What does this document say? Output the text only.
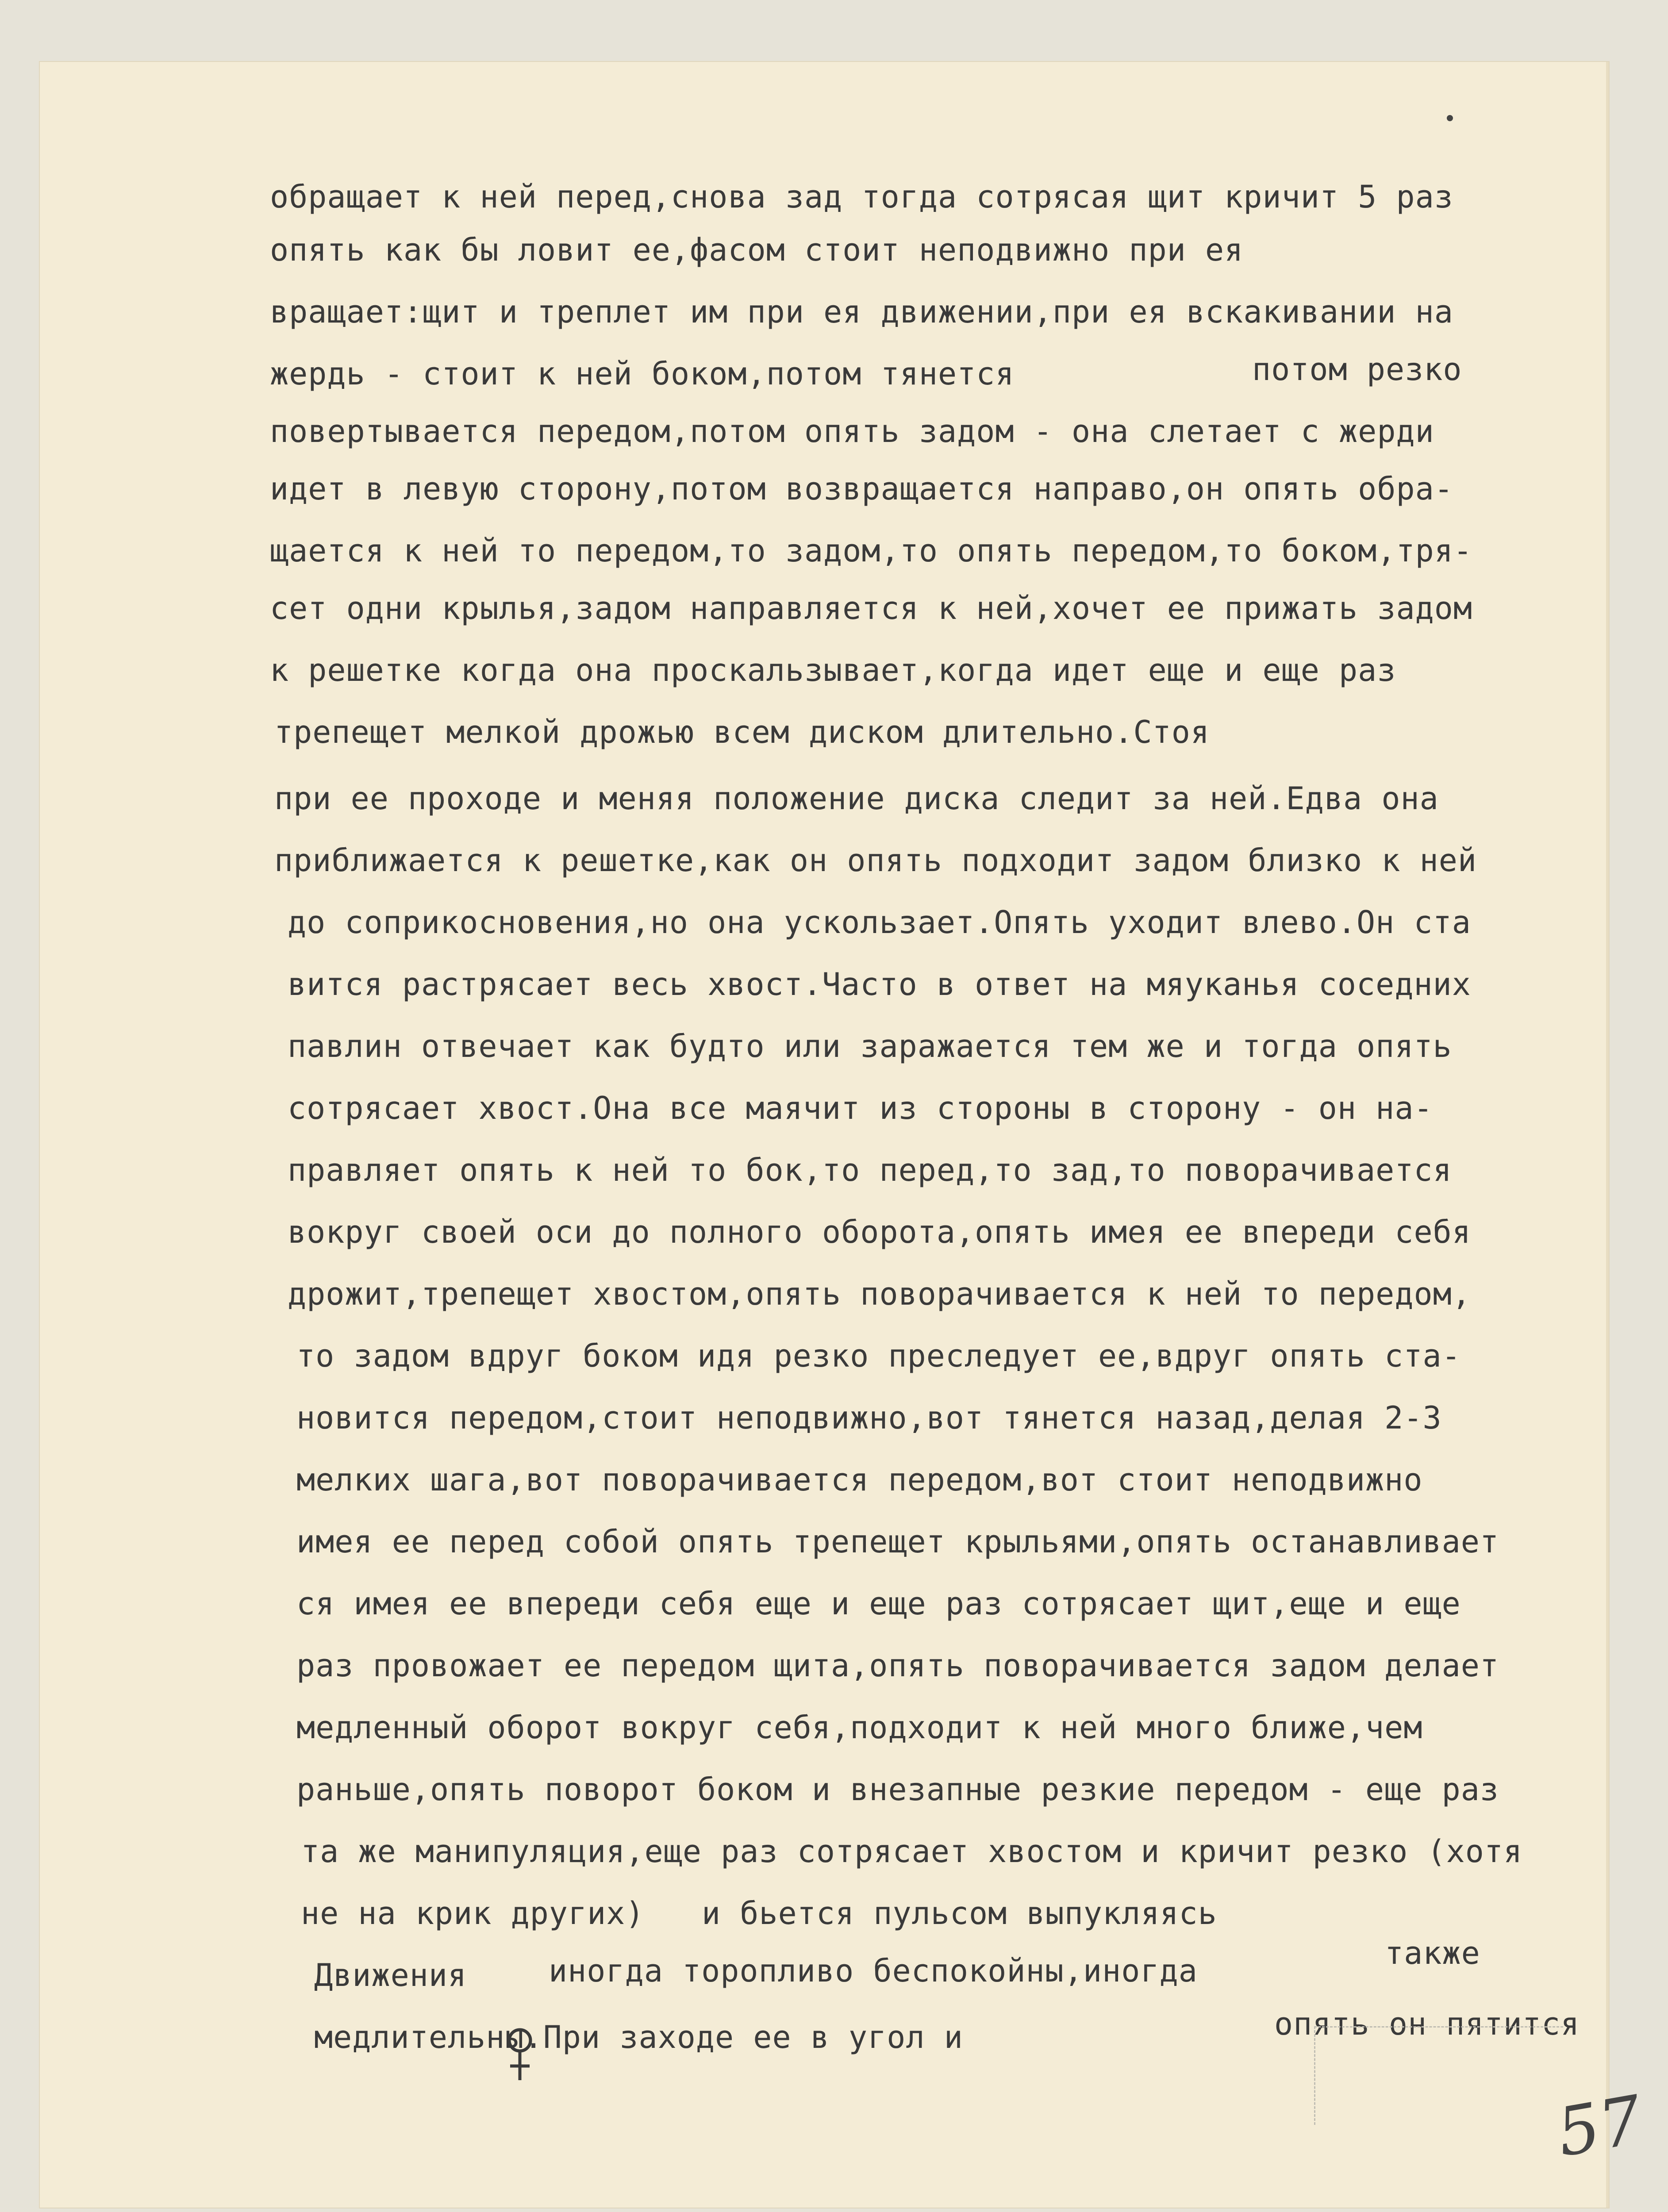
обращает к ней перед,снова зад тогда сотрясая щит кричит 5 раз
опять как бы ловит ее,фасом стоит неподвижно при ея
вращает:щит и треплет им при ея движении,при ея вскакивании на
жердь - стоит к ней боком,потом тянется	потом резко
повертывается передом,потом опять задом - она слетает с жерди
идет в левую сторону,потом возвращается направо,он опять обра-
щается к ней то передом,то задом,то опять передом,то боком,тря-
сет одни крылья,задом направляется к ней,хочет ее прижать задом
к решетке когда она проскальзывает,когда идет еще и еще раз
трепещет мелкой дрожью всем диском длительно.Стоя
при ее проходе и меняя положение диска следит за ней.Едва она
приближается к решетке,как он опять подходит задом близко к ней
до соприкосновения,но она ускользает.Опять уходит влево.Он ста
вится растрясает весь хвост.Часто в ответ на мяуканья соседних
павлин отвечает как будто или заражается тем же и тогда опять
сотрясает хвост.Она все маячит из стороны в сторону - он на-
правляет опять к ней то бок,то перед,то зад,то поворачивается
вокруг своей оси до полного оборота,опять имея ее впереди себя
дрожит,трепещет хвостом,опять поворачивается к ней то передом,
то задом вдруг боком идя резко преследует ее,вдруг опять ста-
новится передом,стоит неподвижно,вот тянется назад,делая 2-3
мелких шага,вот поворачивается передом,вот стоит неподвижно
имея ее перед собой опять трепещет крыльями,опять останавливает
ся имея ее впереди себя еще и еще раз сотрясает щит,еще и еще
раз провожает ее передом щита,опять поворачивается задом делает
медленный оборот вокруг себя,подходит к ней много ближе,чем
раньше,опять поворот боком и внезапные резкие передом - еще раз
та же манипуляция,еще раз сотрясает хвостом и кричит резко (хотя
не на крик других)   и бьется пульсом выпукляясь
Движения	иногда торопливо беспокойны,иногда	также
медлительны.При заходе ее в угол и	опять он пятится
57
